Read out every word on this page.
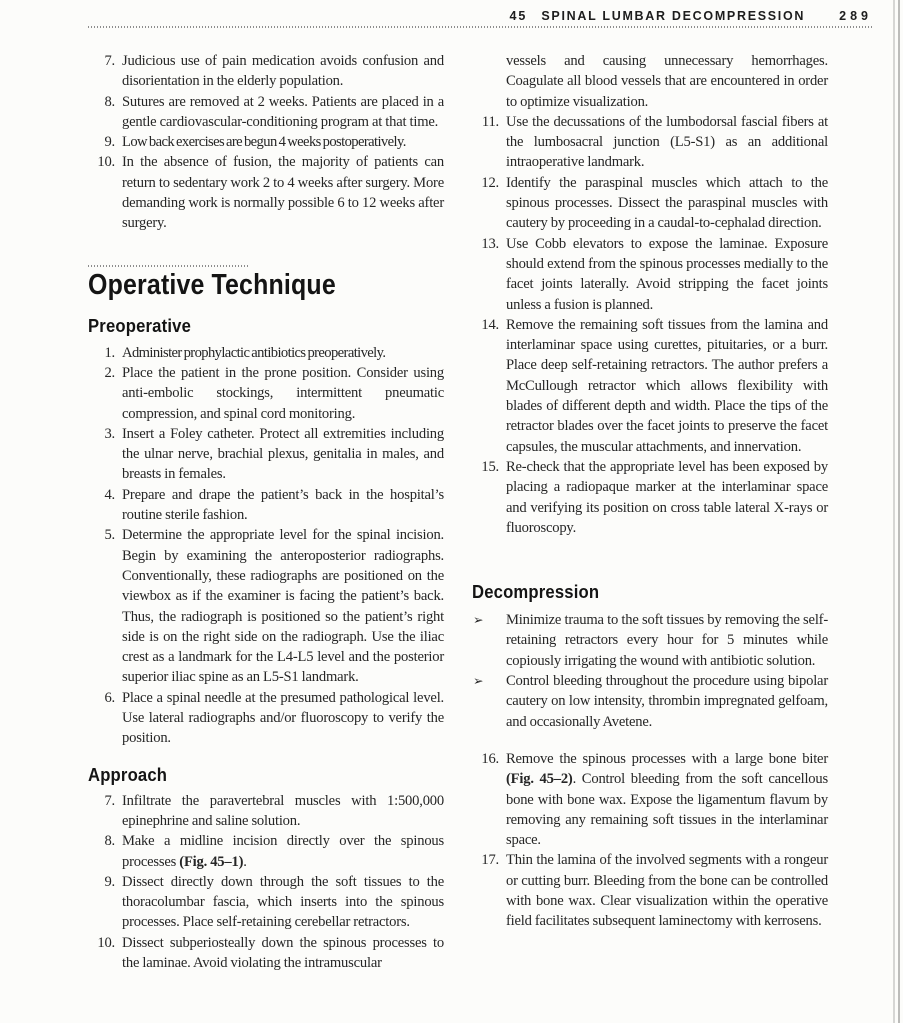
45 SPINAL LUMBAR DECOMPRESSION	289
7. Judicious use of pain medication avoids confusion and disorientation in the elderly population.
8. Sutures are removed at 2 weeks. Patients are placed in a gentle cardiovascular-conditioning program at that time.
9. Low back exercises are begun 4 weeks postoperatively.
10. In the absence of fusion, the majority of patients can return to sedentary work 2 to 4 weeks after surgery. More demanding work is normally possible 6 to 12 weeks after surgery.
Operative Technique
Preoperative
1. Administer prophylactic antibiotics preoperatively.
2. Place the patient in the prone position. Consider using anti-embolic stockings, intermittent pneumatic compression, and spinal cord monitoring.
3. Insert a Foley catheter. Protect all extremities including the ulnar nerve, brachial plexus, genitalia in males, and breasts in females.
4. Prepare and drape the patient’s back in the hospital’s routine sterile fashion.
5. Determine the appropriate level for the spinal incision. Begin by examining the anteroposterior radiographs. Conventionally, these radiographs are positioned on the viewbox as if the examiner is facing the patient’s back. Thus, the radiograph is positioned so the patient’s right side is on the right side on the radiograph. Use the iliac crest as a landmark for the L4-L5 level and the posterior superior iliac spine as an L5-S1 landmark.
6. Place a spinal needle at the presumed pathological level. Use lateral radiographs and/or fluoroscopy to verify the position.
Approach
7. Infiltrate the paravertebral muscles with 1:500,000 epinephrine and saline solution.
8. Make a midline incision directly over the spinous processes (Fig. 45–1).
9. Dissect directly down through the soft tissues to the thoracolumbar fascia, which inserts into the spinous processes. Place self-retaining cerebellar retractors.
10. Dissect subperiosteally down the spinous processes to the laminae. Avoid violating the intramuscular

vessels and causing unnecessary hemorrhages. Coagulate all blood vessels that are encountered in order to optimize visualization.

11. Use the decussations of the lumbodorsal fascial fibers at the lumbosacral junction (L5-S1) as an additional intraoperative landmark.
12. Identify the paraspinal muscles which attach to the spinous processes. Dissect the paraspinal muscles with cautery by proceeding in a caudal-to-cephalad direction.
13. Use Cobb elevators to expose the laminae. Exposure should extend from the spinous processes medially to the facet joints laterally. Avoid stripping the facet joints unless a fusion is planned.
14. Remove the remaining soft tissues from the lamina and interlaminar space using curettes, pituitaries, or a burr. Place deep self-retaining retractors. The author prefers a McCullough retractor which allows flexibility with blades of different depth and width. Place the tips of the retractor blades over the facet joints to preserve the facet capsules, the muscular attachments, and innervation.
15. Re-check that the appropriate level has been exposed by placing a radiopaque marker at the interlaminar space and verifying its position on cross table lateral X-rays or fluoroscopy.
Decompression
➢	Minimize trauma to the soft tissues by removing the self-retaining retractors every hour for 5 minutes while copiously irrigating the wound with antibiotic solution.
➢	Control bleeding throughout the procedure using bipolar cautery on low intensity, thrombin impregnated gelfoam, and occasionally Avetene.
16. Remove the spinous processes with a large bone biter (Fig. 45–2). Control bleeding from the soft cancellous bone with bone wax. Expose the ligamentum flavum by removing any remaining soft tissues in the interlaminar space.
17. Thin the lamina of the involved segments with a rongeur or cutting burr. Bleeding from the bone can be controlled with bone wax. Clear visualization within the operative field facilitates subsequent laminectomy with kerrosens.
